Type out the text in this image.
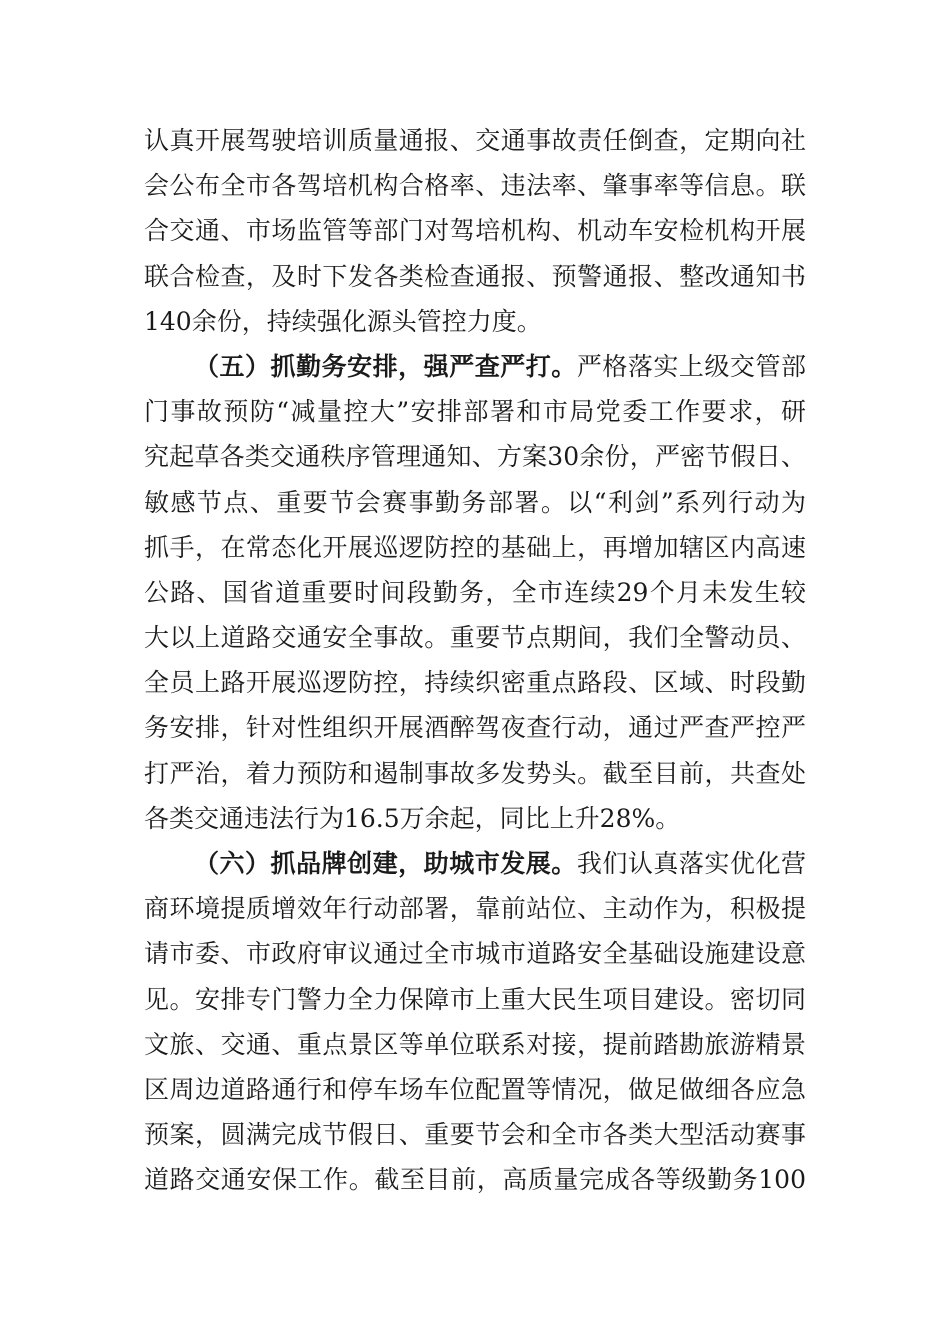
认真开展驾驶培训质量通报、交通事故责任倒查，定期向社
会公布全市各驾培机构合格率、违法率、肇事率等信息。联
合交通、市场监管等部门对驾培机构、机动车安检机构开展
联合检查，及时下发各类检查通报、预警通报、整改通知书
140余份，持续强化源头管控力度。
（五）抓勤务安排，强严查严打。严格落实上级交管部
门事故预防“减量控大”安排部署和市局党委工作要求，研
究起草各类交通秩序管理通知、方案30余份，严密节假日、
敏感节点、重要节会赛事勤务部署。以“利剑”系列行动为
抓手，在常态化开展巡逻防控的基础上，再增加辖区内高速
公路、国省道重要时间段勤务，全市连续29个月未发生较
大以上道路交通安全事故。重要节点期间，我们全警动员、
全员上路开展巡逻防控，持续织密重点路段、区域、时段勤
务安排，针对性组织开展酒醉驾夜查行动，通过严查严控严
打严治，着力预防和遏制事故多发势头。截至目前，共查处
各类交通违法行为16.5万余起，同比上升28%。
（六）抓品牌创建，助城市发展。我们认真落实优化营
商环境提质增效年行动部署，靠前站位、主动作为，积极提
请市委、市政府审议通过全市城市道路安全基础设施建设意
见。安排专门警力全力保障市上重大民生项目建设。密切同
文旅、交通、重点景区等单位联系对接，提前踏勘旅游精景
区周边道路通行和停车场车位配置等情况，做足做细各应急
预案，圆满完成节假日、重要节会和全市各类大型活动赛事
道路交通安保工作。截至目前，高质量完成各等级勤务100
